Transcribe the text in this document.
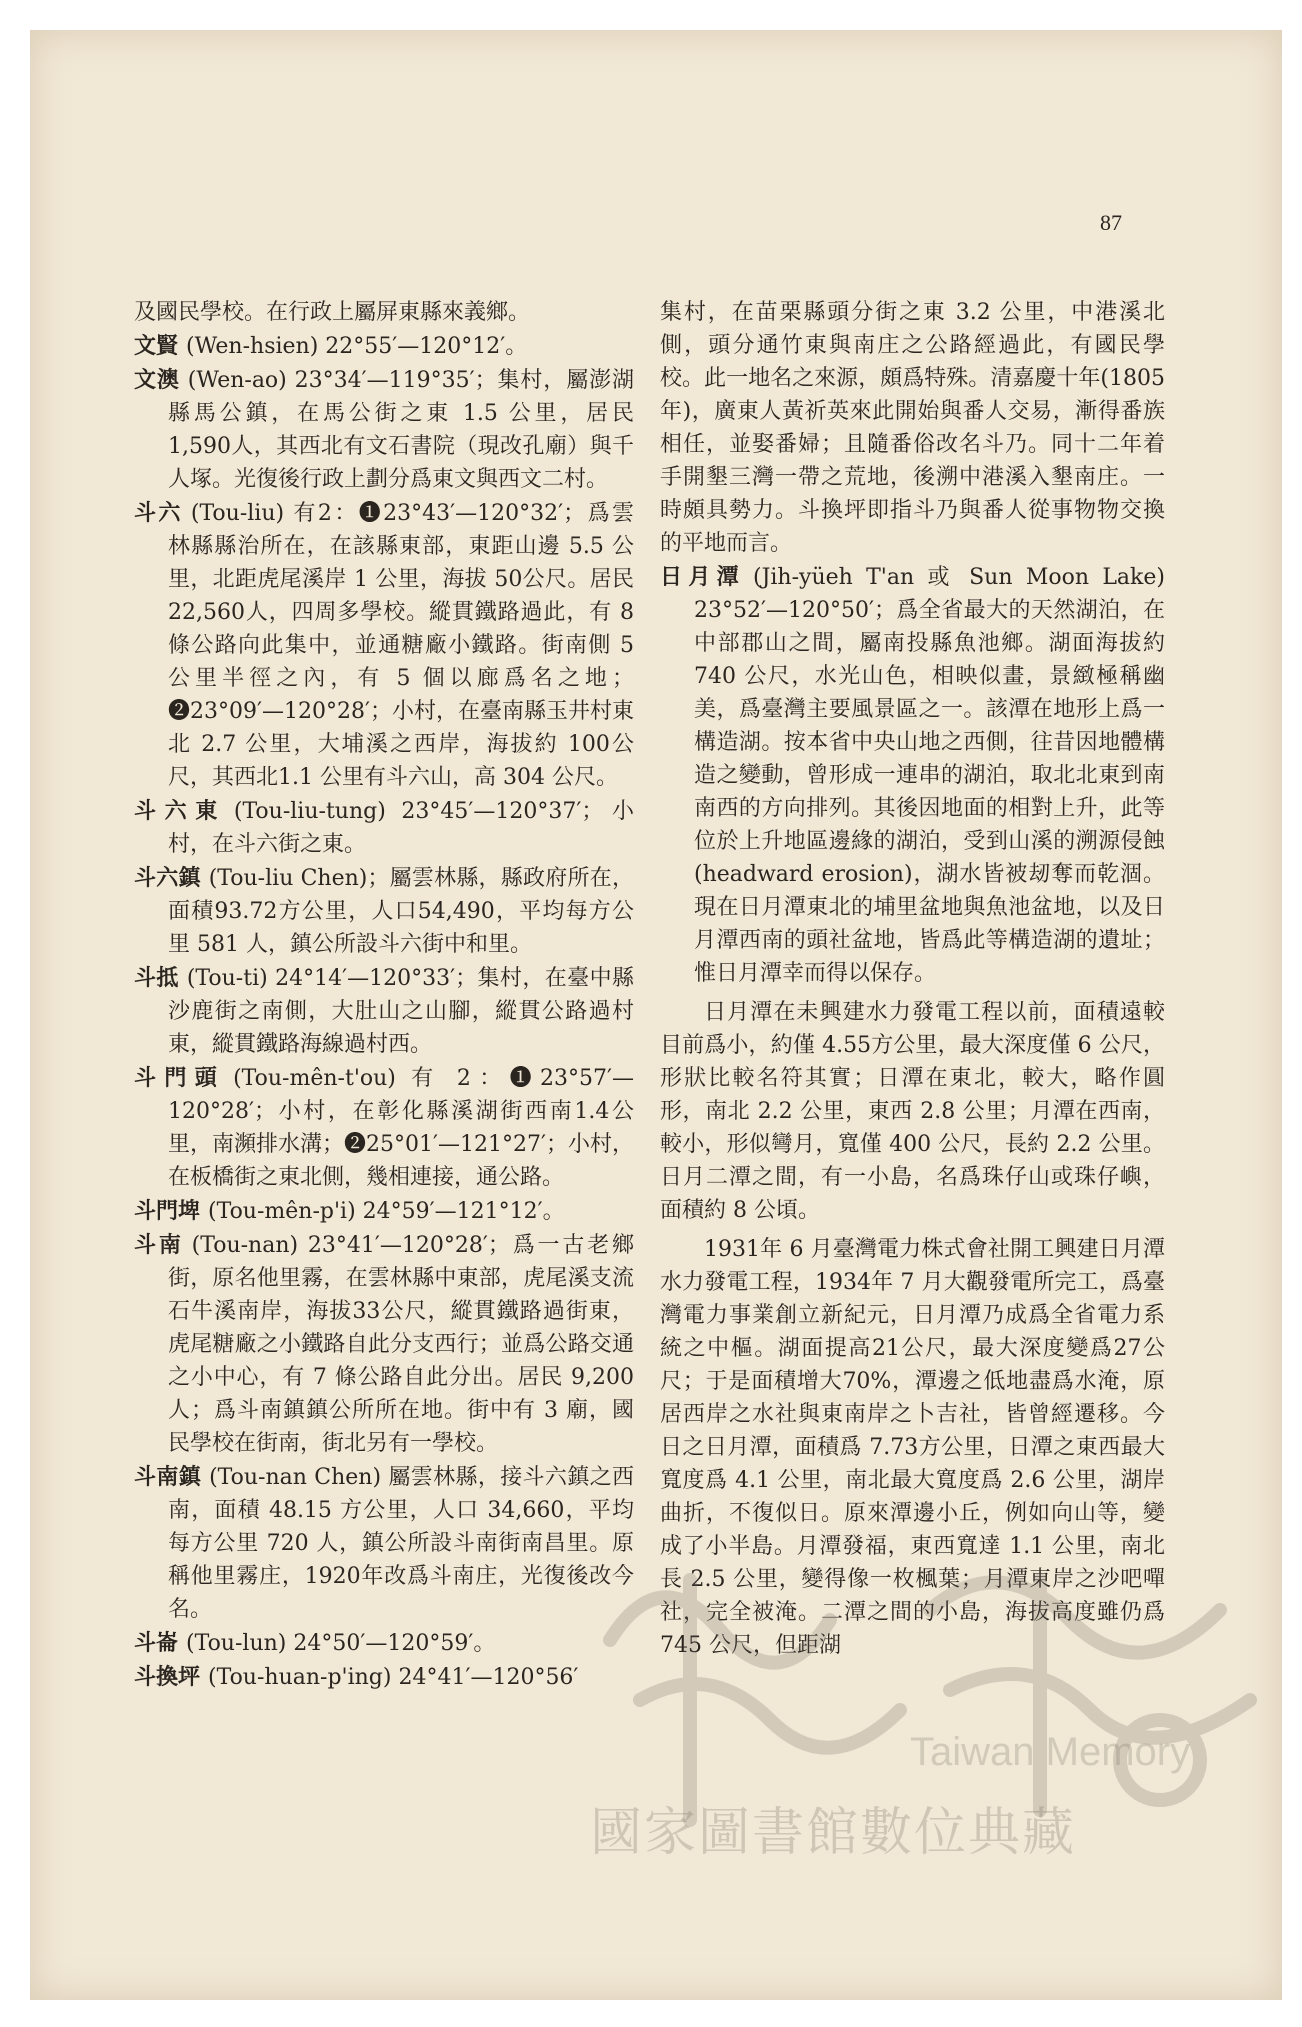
87

及國民學校。在行政上屬屏東縣來義鄉。

文賢 (Wen-hsien) 22°55′—120°12′。

文澳 (Wen-ao) 23°34′—119°35′；集村，屬澎湖縣馬公鎮，在馬公街之東 1.5 公里，居民 1,590人，其西北有文石書院（現改孔廟）與千人塚。光復後行政上劃分爲東文與西文二村。

斗六 (Tou-liu) 有2：❶23°43′—120°32′；爲雲林縣縣治所在，在該縣東部，東距山邊 5.5 公里，北距虎尾溪岸 1 公里，海拔 50公尺。居民 22,560人，四周多學校。縱貫鐵路過此，有 8 條公路向此集中，並通糖廠小鐵路。街南側 5 公里半徑之內，有 5 個以廊爲名之地；❷23°09′—120°28′；小村，在臺南縣玉井村東北 2.7 公里，大埔溪之西岸，海拔約 100公尺，其西北1.1 公里有斗六山，高 304 公尺。

斗六東 (Tou-liu-tung) 23°45′—120°37′；小村，在斗六街之東。

斗六鎮 (Tou-liu Chen)；屬雲林縣，縣政府所在，面積93.72方公里，人口54,490，平均每方公里 581 人，鎮公所設斗六街中和里。

斗抵 (Tou-ti) 24°14′—120°33′；集村，在臺中縣沙鹿街之南側，大肚山之山腳，縱貫公路過村東，縱貫鐵路海線過村西。

斗門頭 (Tou-mên-t'ou) 有 2：❶23°57′—120°28′；小村，在彰化縣溪湖街西南1.4公里，南瀕排水溝；❷25°01′—121°27′；小村，在板橋街之東北側，幾相連接，通公路。

斗門埤 (Tou-mên-p'i) 24°59′—121°12′。

斗南 (Tou-nan) 23°41′—120°28′；爲一古老鄉街，原名他里霧，在雲林縣中東部，虎尾溪支流石牛溪南岸，海拔33公尺，縱貫鐵路過街東，虎尾糖廠之小鐵路自此分支西行；並爲公路交通之小中心，有 7 條公路自此分出。居民 9,200 人；爲斗南鎮鎮公所所在地。街中有 3 廟，國民學校在街南，街北另有一學校。

斗南鎮 (Tou-nan Chen) 屬雲林縣，接斗六鎮之西南，面積 48.15 方公里，人口 34,660，平均每方公里 720 人，鎮公所設斗南街南昌里。原稱他里霧庄，1920年改爲斗南庄，光復後改今名。

斗崙 (Tou-lun) 24°50′—120°59′。

斗換坪 (Tou-huan-p'ing) 24°41′—120°56′

集村，在苗栗縣頭分街之東 3.2 公里，中港溪北側，頭分通竹東與南庄之公路經過此，有國民學校。此一地名之來源，頗爲特殊。清嘉慶十年(1805年)，廣東人黃祈英來此開始與番人交易，漸得番族相任，並娶番婦；且隨番俗改名斗乃。同十二年着手開墾三灣一帶之荒地，後溯中港溪入墾南庄。一時頗具勢力。斗換坪即指斗乃與番人從事物物交換的平地而言。

日月潭 (Jih-yüeh T'an 或 Sun Moon Lake) 23°52′—120°50′；爲全省最大的天然湖泊，在中部郡山之間，屬南投縣魚池鄉。湖面海拔約 740 公尺，水光山色，相映似畫，景緻極稱幽美，爲臺灣主要風景區之一。該潭在地形上爲一構造湖。按本省中央山地之西側，往昔因地體構造之變動，曾形成一連串的湖泊，取北北東到南南西的方向排列。其後因地面的相對上升，此等位於上升地區邊緣的湖泊，受到山溪的溯源侵蝕 (headward erosion)，湖水皆被刼奪而乾涸。現在日月潭東北的埔里盆地與魚池盆地，以及日月潭西南的頭社盆地，皆爲此等構造湖的遺址；惟日月潭幸而得以保存。

日月潭在未興建水力發電工程以前，面積遠較目前爲小，約僅 4.55方公里，最大深度僅 6 公尺，形狀比較名符其實；日潭在東北，較大，略作圓形，南北 2.2 公里，東西 2.8 公里；月潭在西南，較小，形似彎月，寬僅 400 公尺，長約 2.2 公里。日月二潭之間，有一小島，名爲珠仔山或珠仔嶼，面積約 8 公頃。

1931年 6 月臺灣電力株式會社開工興建日月潭水力發電工程，1934年 7 月大觀發電所完工，爲臺灣電力事業創立新紀元，日月潭乃成爲全省電力系統之中樞。湖面提高21公尺，最大深度變爲27公尺；于是面積增大70%，潭邊之低地盡爲水淹，原居西岸之水社與東南岸之卜吉社，皆曾經遷移。今日之日月潭，面積爲 7.73方公里，日潭之東西最大寬度爲 4.1 公里，南北最大寬度爲 2.6 公里，湖岸曲折，不復似日。原來潭邊小丘，例如向山等，變成了小半島。月潭發福，東西寬達 1.1 公里，南北長 2.5 公里，變得像一枚楓葉；月潭東岸之沙吧嘽社，完全被淹。二潭之間的小島，海拔高度雖仍爲 745 公尺，但距湖

Taiwan Memory
國家圖書館數位典藏
